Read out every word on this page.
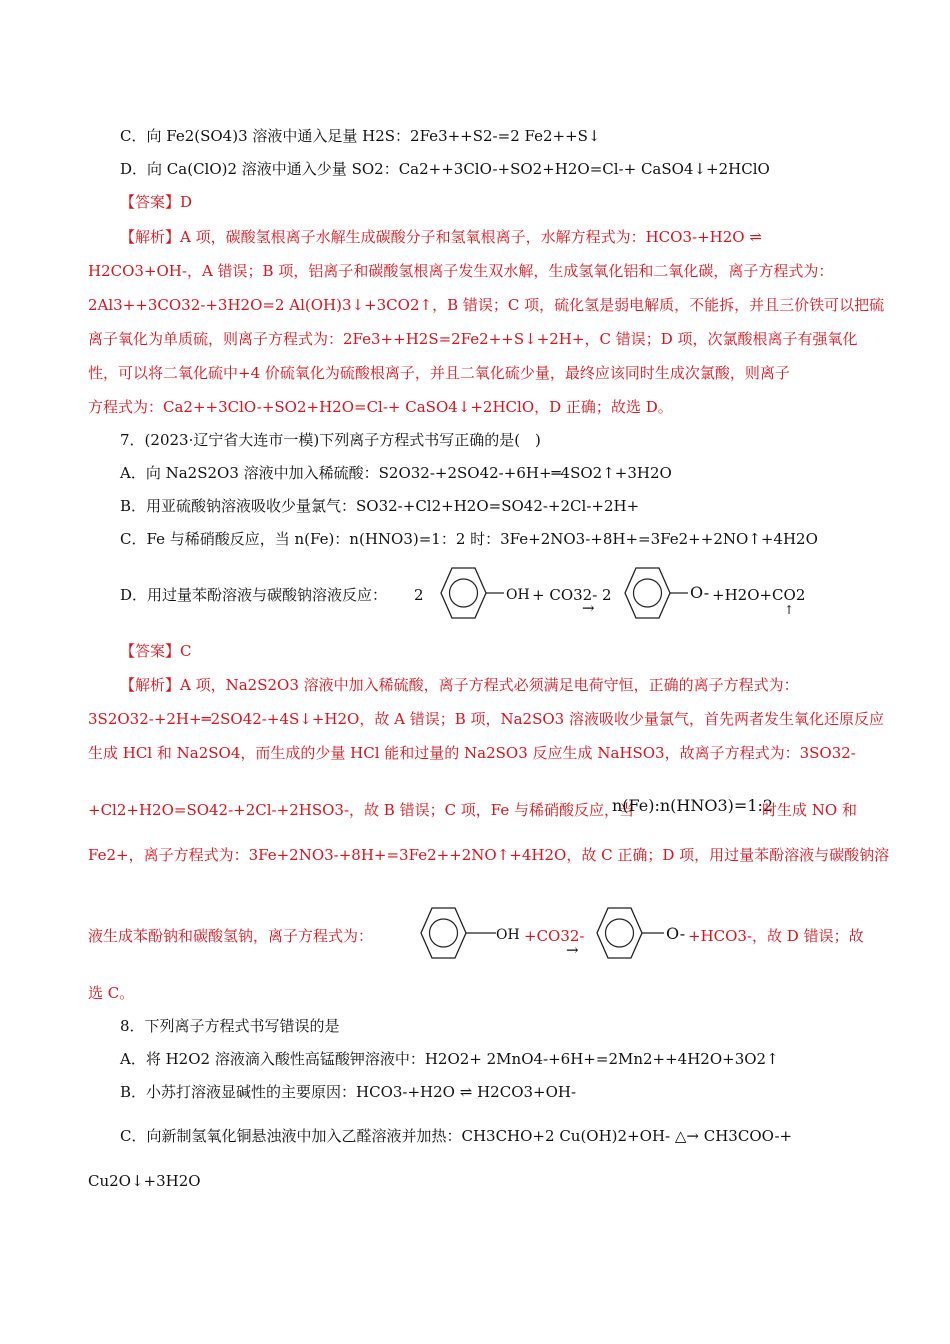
C．向 Fe2(SO4)3 溶液中通入足量 H2S：2Fe3++S2-=2 Fe2++S↓
D．向 Ca(ClO)2 溶液中通入少量 SO2：Ca2++3ClO-+SO2+H2O=Cl-+ CaSO4↓+2HClO
【答案】D
【解析】A 项，碳酸氢根离子水解生成碳酸分子和氢氧根离子，水解方程式为：HCO3-+H2O ⇌
H2CO3+OH-，A 错误；B 项，铝离子和碳酸氢根离子发生双水解，生成氢氧化铝和二氧化碳，离子方程式为：
2Al3++3CO32-+3H2O=2 Al(OH)3↓+3CO2↑，B 错误；C 项，硫化氢是弱电解质，不能拆，并且三价铁可以把硫
离子氧化为单质硫，则离子方程式为：2Fe3++H2S=2Fe2++S↓+2H+，C 错误；D 项，次氯酸根离子有强氧化
性，可以将二氧化硫中+4 价硫氧化为硫酸根离子，并且二氧化硫少量，最终应该同时生成次氯酸，则离子
方程式为：Ca2++3ClO-+SO2+H2O=Cl-+ CaSO4↓+2HClO，D 正确；故选 D。
7．(2023·辽宁省大连市一模)下列离子方程式书写正确的是(　)
A．向 Na2S2O3 溶液中加入稀硫酸：S2O32-+2SO42-+6H+═4SO2↑+3H2O
B．用亚硫酸钠溶液吸收少量氯气：SO32-+Cl2+H2O=SO42-+2Cl-+2H+
C．Fe 与稀硝酸反应，当 n(Fe)：n(HNO3)=1：2 时：3Fe+2NO3-+8H+=3Fe2++2NO↑+4H2O
D．用过量苯酚溶液与碳酸钠溶液反应： 2	OH + CO32-
→
2	O- +H2O+CO2
↑
【答案】C
【解析】A 项，Na2S2O3 溶液中加入稀硫酸，离子方程式必须满足电荷守恒，正确的离子方程式为：
3S2O32-+2H+═2SO42-+4S↓+H2O，故 A 错误；B 项，Na2SO3 溶液吸收少量氯气，首先两者发生氧化还原反应
生成 HCl 和 Na2SO4，而生成的少量 HCl 能和过量的 Na2SO3 反应生成 NaHSO3，故离子方程式为：3SO32-
+Cl2+H2O=SO42-+2Cl-+2HSO3-，故 B 错误；C 项，Fe 与稀硝酸反应，当
n(Fe):n(HNO3)=1:2
时生成 NO 和
Fe2+，离子方程式为：3Fe+2NO3-+8H+=3Fe2++2NO↑+4H2O，故 C 正确；D 项，用过量苯酚溶液与碳酸钠溶
液生成苯酚钠和碳酸氢钠，离子方程式为：	OH +CO32-
→
O- +HCO3-，故 D 错误；故
选 C。
8．下列离子方程式书写错误的是
A．将 H2O2 溶液滴入酸性高锰酸钾溶液中：H2O2+ 2MnO4-+6H+=2Mn2++4H2O+3O2↑
B．小苏打溶液显碱性的主要原因：HCO3-+H2O ⇌ H2CO3+OH-
C．向新制氢氧化铜悬浊液中加入乙醛溶液并加热：CH3CHO+2 Cu(OH)2+OH- △→ CH3COO-+
Cu2O↓+3H2O
